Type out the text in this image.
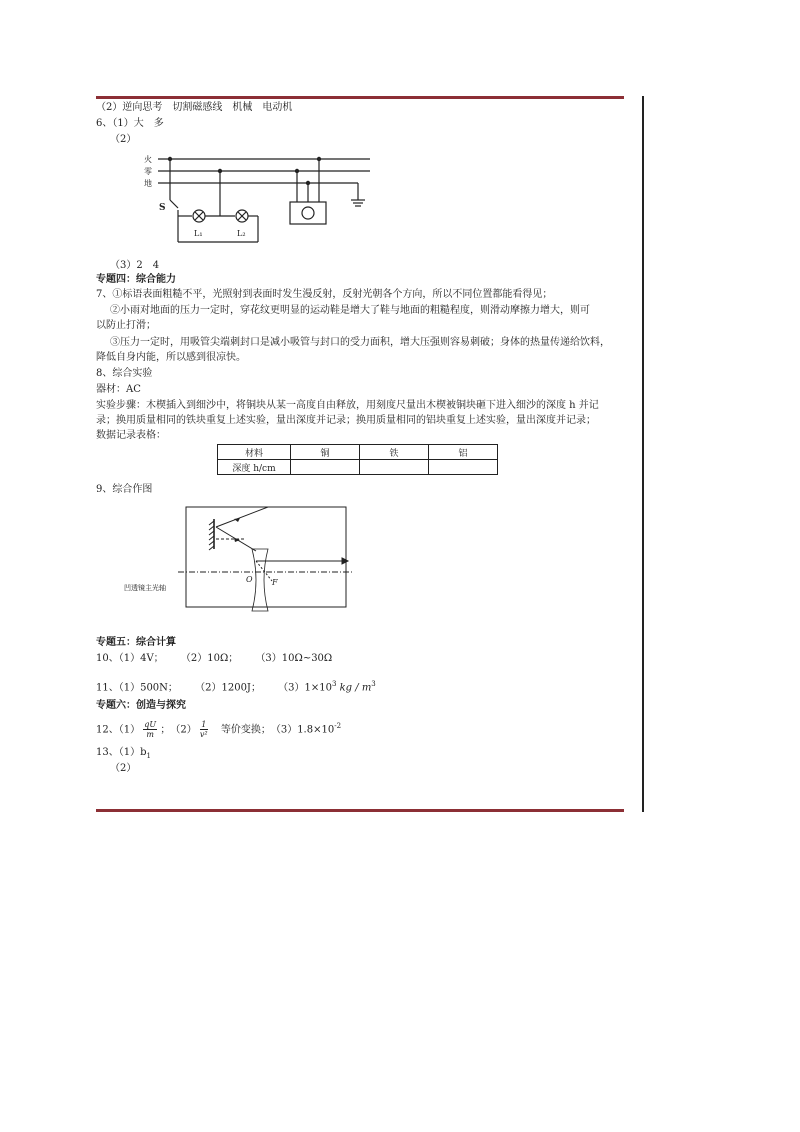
（2）逆向思考　切割磁感线　机械　电动机
6、（1）大　多
（2）
火
零
地
S
L₁	L₂
（3）2　4
专题四：综合能力
7、①标语表面粗糙不平，光照射到表面时发生漫反射，反射光朝各个方向，所以不同位置都能看得见；
②小雨对地面的压力一定时，穿花纹更明显的运动鞋是增大了鞋与地面的粗糙程度，则滑动摩擦力增大，则可
以防止打滑；
③压力一定时，用吸管尖端刺封口是减小吸管与封口的受力面积，增大压强则容易刺破；身体的热量传递给饮料，
降低自身内能，所以感到很凉快。
8、综合实验
器材：AC
实验步骤：木楔插入到细沙中，将铜块从某一高度自由释放，用刻度尺量出木楔被铜块砸下进入细沙的深度 h 并记
录；换用质量相同的铁块重复上述实验，量出深度并记录；换用质量相同的铝块重复上述实验，量出深度并记录；
数据记录表格：
材料	铜	铁	铝
深度 h/cm			
9、综合作图
凹透镜主光轴
O F
专题五：综合计算
10、（1）4V； （2）10Ω； （3）10Ω~30Ω
11、（1）500N； （2）1200J； $(3)1\times 10^3$ kg / $m^3$
专题六：创造与探究
12、$(1) \frac{qU}{m}$ ；　$(2) \frac{1}{\text{v²}}$ 　等价变换；　$(3)1.8\times 10^{-2}$
13、$(1)b_1$
（2）
